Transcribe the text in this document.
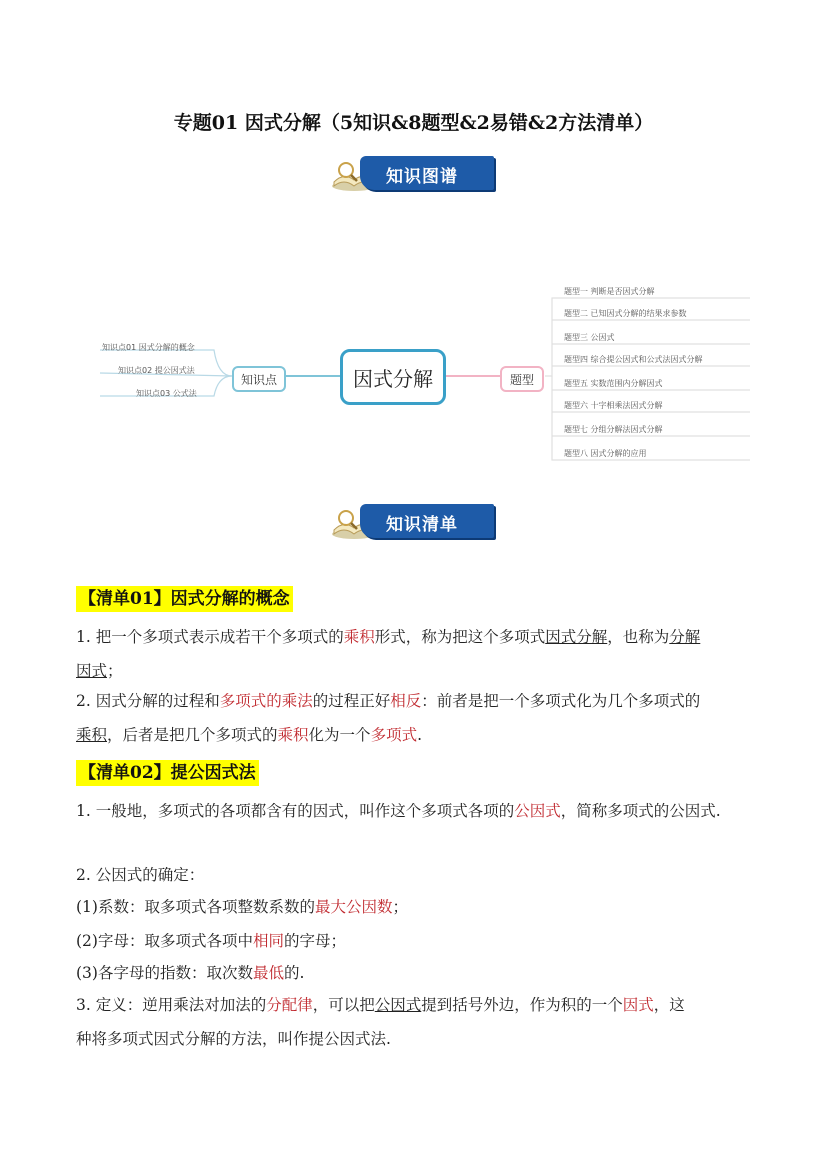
专题01 因式分解（5知识&8题型&2易错&2方法清单）
知识图谱
因式分解
知识点	题型
知识点01 因式分解的概念
知识点02 提公因式法
知识点03 公式法
题型一 判断是否因式分解
题型二 已知因式分解的结果求参数
题型三 公因式
题型四 综合提公因式和公式法因式分解
题型五 实数范围内分解因式
题型六 十字相乘法因式分解
题型七 分组分解法因式分解
题型八 因式分解的应用
知识清单
【清单01】因式分解的概念
1. 把一个多项式表示成若干个多项式的乘积形式，称为把这个多项式因式分解，也称为分解
因式；
2. 因式分解的过程和多项式的乘法的过程正好相反：前者是把一个多项式化为几个多项式的
乘积，后者是把几个多项式的乘积化为一个多项式.
【清单02】提公因式法
1. 一般地，多项式的各项都含有的因式，叫作这个多项式各项的公因式，简称多项式的公因式.
2. 公因式的确定：
(1)系数：取多项式各项整数系数的最大公因数；
(2)字母：取多项式各项中相同的字母；
(3)各字母的指数：取次数最低的.
3. 定义：逆用乘法对加法的分配律，可以把公因式提到括号外边，作为积的一个因式，这
种将多项式因式分解的方法，叫作提公因式法.
